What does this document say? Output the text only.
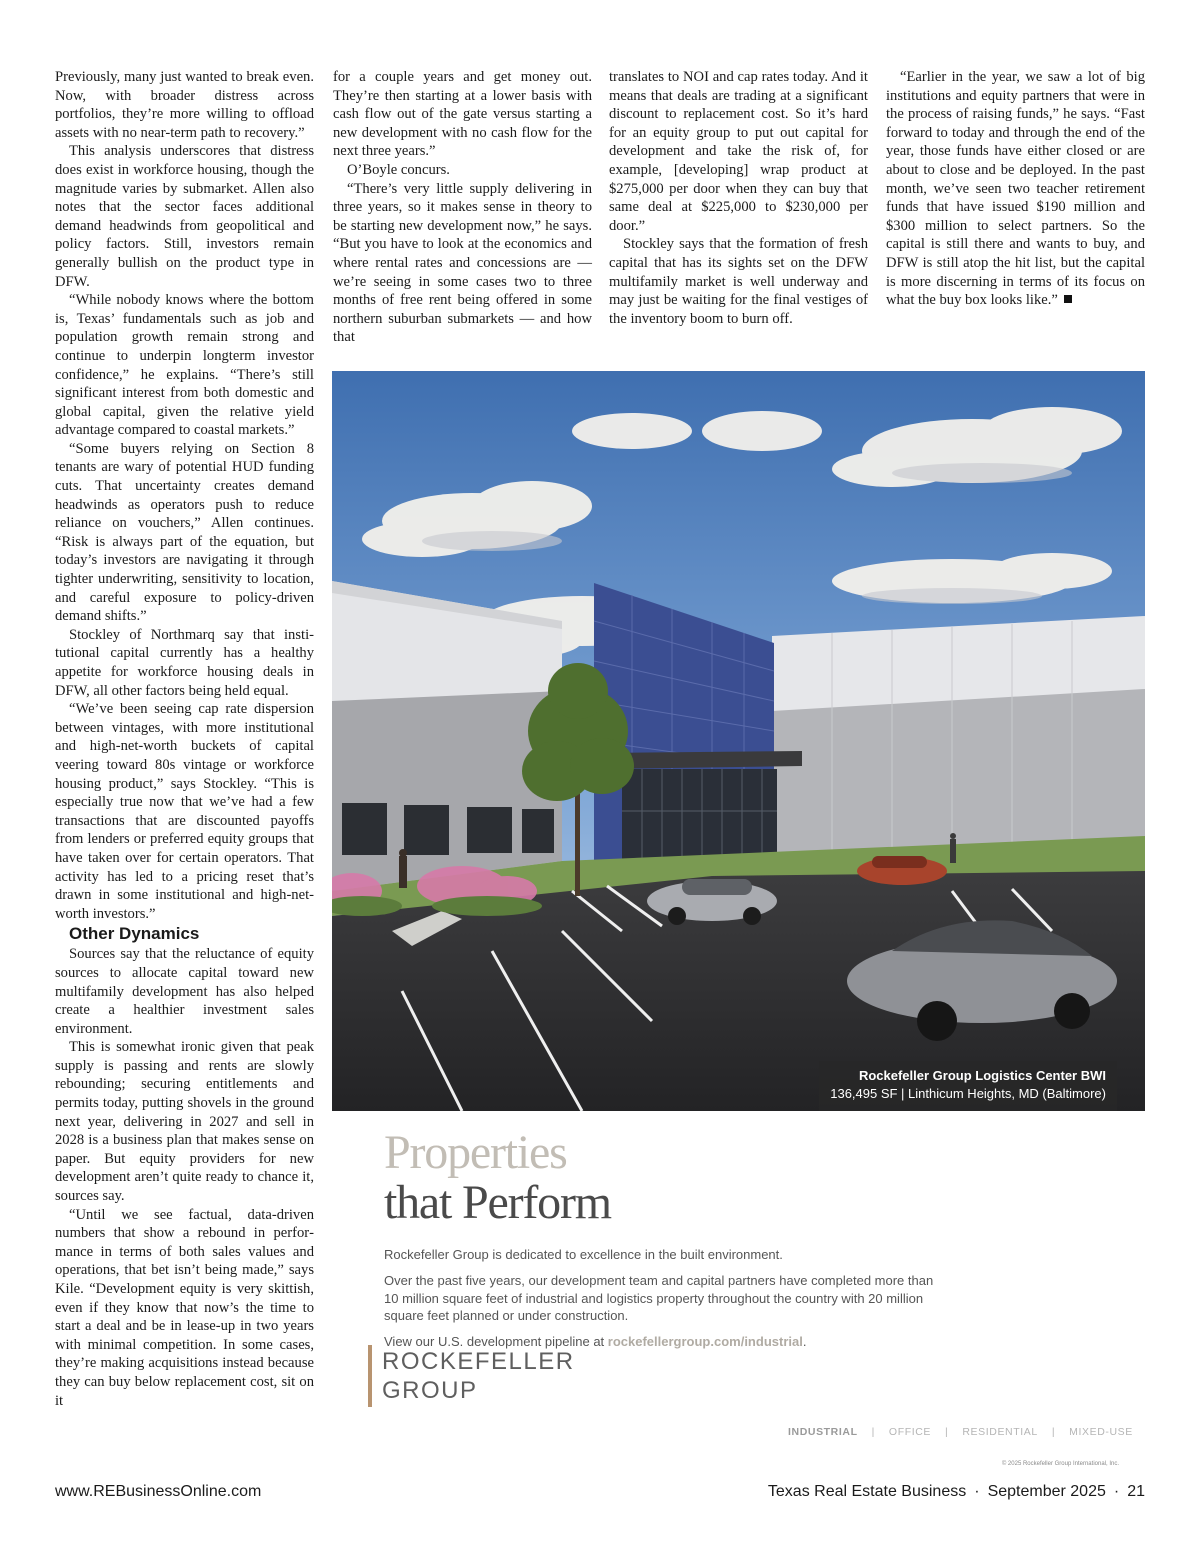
Previously, many just wanted to break even. Now, with broader distress across portfolios, they’re more willing to offload assets with no near-term path to recovery.”

This analysis underscores that distress does exist in workforce housing, though the magnitude varies by submarket. Allen also notes that the sector faces additional demand headwinds from geopolitical and policy factors. Still, investors remain generally bullish on the product type in DFW.

“While nobody knows where the bottom is, Texas’ fundamentals such as job and population growth remain strong and continue to underpin longterm investor confidence,” he explains. “There’s still significant interest from both domestic and global capital, given the relative yield advantage compared to coastal markets.”

“Some buyers relying on Section 8 tenants are wary of potential HUD funding cuts. That uncertainty creates demand headwinds as operators push to reduce reliance on vouchers,” Allen continues. “Risk is always part of the equation, but today’s investors are navigating it through tighter underwriting, sensitivity to location, and careful exposure to policy-driven demand shifts.”

Stockley of Northmarq say that institutional capital currently has a healthy appetite for workforce housing deals in DFW, all other factors being held equal.

“We’ve been seeing cap rate dispersion between vintages, with more institutional and high-net-worth buckets of capital veering toward 80s vintage or workforce housing product,” says Stockley. “This is especially true now that we’ve had a few transactions that are discounted payoffs from lenders or preferred equity groups that have taken over for certain operators. That activity has led to a pricing reset that’s drawn in some institutional and high-net-worth investors.”

Other Dynamics

Sources say that the reluctance of equity sources to allocate capital toward new multifamily development has also helped create a healthier investment sales environment.

This is somewhat ironic given that peak supply is passing and rents are slowly rebounding; securing entitlements and permits today, putting shovels in the ground next year, delivering in 2027 and sell in 2028 is a business plan that makes sense on paper. But equity providers for new development aren’t quite ready to chance it, sources say.

“Until we see factual, data-driven numbers that show a rebound in performance in terms of both sales values and operations, that bet isn’t being made,” says Kile. “Development equity is very skittish, even if they know that now’s the time to start a deal and be in lease-up in two years with minimal competition. In some cases, they’re making acquisitions instead because they can buy below replacement cost, sit on it

for a couple years and get money out. They’re then starting at a lower basis with cash flow out of the gate versus starting a new development with no cash flow for the next three years.”

O’Boyle concurs.

“There’s very little supply delivering in three years, so it makes sense in theory to be starting new development now,” he says. “But you have to look at the economics and where rental rates and concessions are — we’re seeing in some cases two to three months of free rent being offered in some northern suburban submarkets — and how that

translates to NOI and cap rates today. And it means that deals are trading at a significant discount to replacement cost. So it’s hard for an equity group to put out capital for development and take the risk of, for example, [developing] wrap product at $275,000 per door when they can buy that same deal at $225,000 to $230,000 per door.”

Stockley says that the formation of fresh capital that has its sights set on the DFW multifamily market is well underway and may just be waiting for the final vestiges of the inventory boom to burn off.

“Earlier in the year, we saw a lot of big institutions and equity partners that were in the process of raising funds,” he says. “Fast forward to today and through the end of the year, those funds have either closed or are about to close and be deployed. In the past month, we’ve seen two teacher retirement funds that have issued $190 million and $300 million to select partners. So the capital is still there and wants to buy, and DFW is still atop the hit list, but the capital is more discerning in terms of its focus on what the buy box looks like.”

Rockefeller Group Logistics Center BWI
136,495 SF | Linthicum Heights, MD (Baltimore)
Properties
that Perform
Rockefeller Group is dedicated to excellence in the built environment.
Over the past five years, our development team and capital partners have completed more than 10 million square feet of industrial and logistics property throughout the country with 20 million square feet planned or under construction.
View our U.S. development pipeline at rockefellergroup.com/industrial.
ROCKEFELLER
GROUP
INDUSTRIAL | OFFICE | RESIDENTIAL | MIXED-USE
© 2025 Rockefeller Group International, Inc.
www.REBusinessOnline.com	Texas Real Estate Business · September 2025 · 21
